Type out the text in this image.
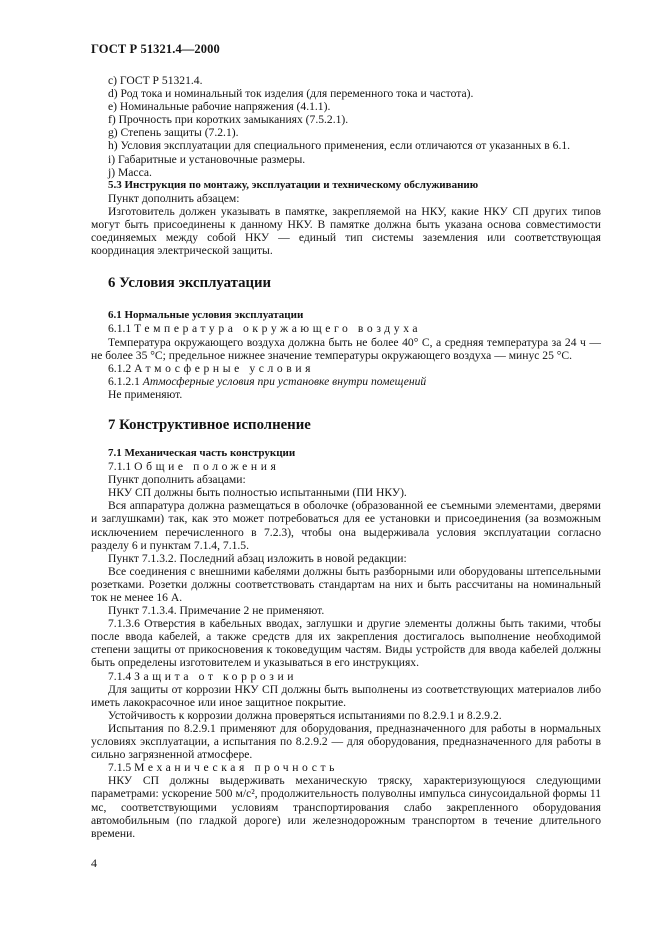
ГОСТ Р 51321.4—2000

c) ГОСТ Р 51321.4.

d) Род тока и номинальный ток изделия (для переменного тока и частота).

e) Номинальные рабочие напряжения (4.1.1).

f) Прочность при коротких замыканиях (7.5.2.1).

g) Степень защиты (7.2.1).

h) Условия эксплуатации для специального применения, если отличаются от указанных в 6.1.

i) Габаритные и установочные размеры.

j) Масса.

5.3 Инструкция по монтажу, эксплуатации и техническому обслуживанию

Пункт дополнить абзацем:

Изготовитель должен указывать в памятке, закрепляемой на НКУ, какие НКУ СП других типов могут быть присоединены к данному НКУ. В памятке должна быть указана основа совместимости соединяемых между собой НКУ — единый тип системы заземления или соответствующая координация электрической защиты.

6 Условия эксплуатации

6.1 Нормальные условия эксплуатации

6.1.1 Температура окружающего воздуха

Температура окружающего воздуха должна быть не более 40° С, а средняя температура за 24 ч — не более 35 °С; предельное нижнее значение температуры окружающего воздуха — минус 25 °С.

6.1.2 Атмосферные условия

6.1.2.1 Атмосферные условия при установке внутри помещений

Не применяют.

7 Конструктивное исполнение

7.1 Механическая часть конструкции

7.1.1 Общие положения

Пункт дополнить абзацами:

НКУ СП должны быть полностью испытанными (ПИ НКУ).

Вся аппаратура должна размещаться в оболочке (образованной ее съемными элементами, дверями и заглушками) так, как это может потребоваться для ее установки и присоединения (за возможным исключением перечисленного в 7.2.3), чтобы она выдерживала условия эксплуатации согласно разделу 6 и пунктам 7.1.4, 7.1.5.

Пункт 7.1.3.2. Последний абзац изложить в новой редакции:

Все соединения с внешними кабелями должны быть разборными или оборудованы штепсельными розетками. Розетки должны соответствовать стандартам на них и быть рассчитаны на номинальный ток не менее 16 А.

Пункт 7.1.3.4. Примечание 2 не применяют.

7.1.3.6 Отверстия в кабельных вводах, заглушки и другие элементы должны быть такими, чтобы после ввода кабелей, а также средств для их закрепления достигалось выполнение необходимой степени защиты от прикосновения к токоведущим частям. Виды устройств для ввода кабелей должны быть определены изготовителем и указываться в его инструкциях.

7.1.4 Защита от коррозии

Для защиты от коррозии НКУ СП должны быть выполнены из соответствующих материалов либо иметь лакокрасочное или иное защитное покрытие.

Устойчивость к коррозии должна проверяться испытаниями по 8.2.9.1 и 8.2.9.2.

Испытания по 8.2.9.1 применяют для оборудования, предназначенного для работы в нормальных условиях эксплуатации, а испытания по 8.2.9.2 — для оборудования, предназначенного для работы в сильно загрязненной атмосфере.

7.1.5 Механическая прочность

НКУ СП должны выдерживать механическую тряску, характеризующуюся следующими параметрами: ускорение 500 м/с², продолжительность полуволны импульса синусоидальной формы 11 мс, соответствующими условиям транспортирования слабо закрепленного оборудования автомобильным (по гладкой дороге) или железнодорожным транспортом в течение длительного времени.

4
